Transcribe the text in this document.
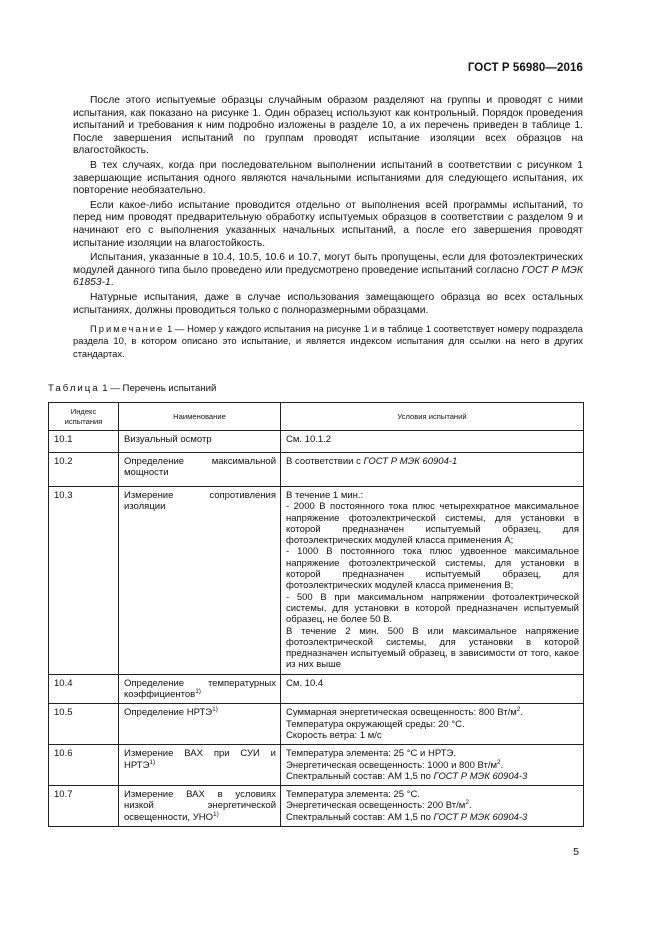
ГОСТ Р 56980—2016

После этого испытуемые образцы случайным образом разделяют на группы и проводят с ними испытания, как показано на рисунке 1. Один образец используют как контрольный. Порядок проведения испытаний и требования к ним подробно изложены в разделе 10, а их перечень приведен в таблице 1. После завершения испытаний по группам проводят испытание изоляции всех образцов на влагостойкость.

В тех случаях, когда при последовательном выполнении испытаний в соответствии с рисунком 1 завершающие испытания одного являются начальными испытаниями для следующего испытания, их повторение необязательно.

Если какое-либо испытание проводится отдельно от выполнения всей программы испытаний, то перед ним проводят предварительную обработку испытуемых образцов в соответствии с разделом 9 и начинают его с выполнения указанных начальных испытаний, а после его завершения проводят испытание изоляции на влагостойкость.

Испытания, указанные в 10.4, 10.5, 10.6 и 10.7, могут быть пропущены, если для фотоэлектрических модулей данного типа было проведено или предусмотрено проведение испытаний согласно ГОСТ Р МЭК 61853-1.

Натурные испытания, даже в случае использования замещающего образца во всех остальных испытаниях, должны проводиться только с полноразмерными образцами.

Примечание 1 — Номер у каждого испытания на рисунке 1 и в таблице 1 соответствует номеру подраздела раздела 10, в котором описано это испытание, и является индексом испытания для ссылки на него в других стандартах.

Таблица 1 — Перечень испытаний
Индекс испытания	Наименование	Условия испытаний
10.1	Визуальный осмотр	См. 10.1.2
10.2	Определение максимальной мощности	В соответствии с ГОСТ Р МЭК 60904-1
10.3	Измерение сопротивления изоляции	В течение 1 мин.:
- 2000 В постоянного тока плюс четырехкратное максимальное напряжение фотоэлектрической системы, для установки в которой предназначен испытуемый образец, для фотоэлектрических модулей класса применения А;
- 1000 В постоянного тока плюс удвоенное максимальное напряжение фотоэлектрической системы, для установки в которой предназначен испытуемый образец, для фотоэлектрических модулей класса применения В;
- 500 В при максимальном напряжении фотоэлектрической системы, для установки в которой предназначен испытуемый образец, не более 50 В.
В течение 2 мин. 500 В или максимальное напряжение фотоэлектрической системы, для установки в которой предназначен испытуемый образец, в зависимости от того, какое из них выше

10.4	Определение температурных коэффициентов$^{1)}$	См. 10.4
10.5	Определение НРТЭ$^{1)}$	Суммарная энергетическая освещенность: 800 $Вт/м^2$.
Температура окружающей среды: 20 °С.
Скорость ветра: 1 м/с

10.6	Измерение ВАХ при СУИ и НРТЭ$^{1)}$	Температура элемента: 25 °С и НРТЭ.
Энергетическая освещенность: 1000 и 800 $Вт/м^2$.
Спектральный состав: АМ 1,5 по ГОСТ Р МЭК 60904-3

10.7	Измерение ВАХ в условиях низкой энергетической освещенности, УНО$^{1)}$	Температура элемента: 25 °С.
Энергетическая освещенность: 200 $Вт/м^2$.
Спектральный состав: АМ 1,5 по ГОСТ Р МЭК 60904-3
5
